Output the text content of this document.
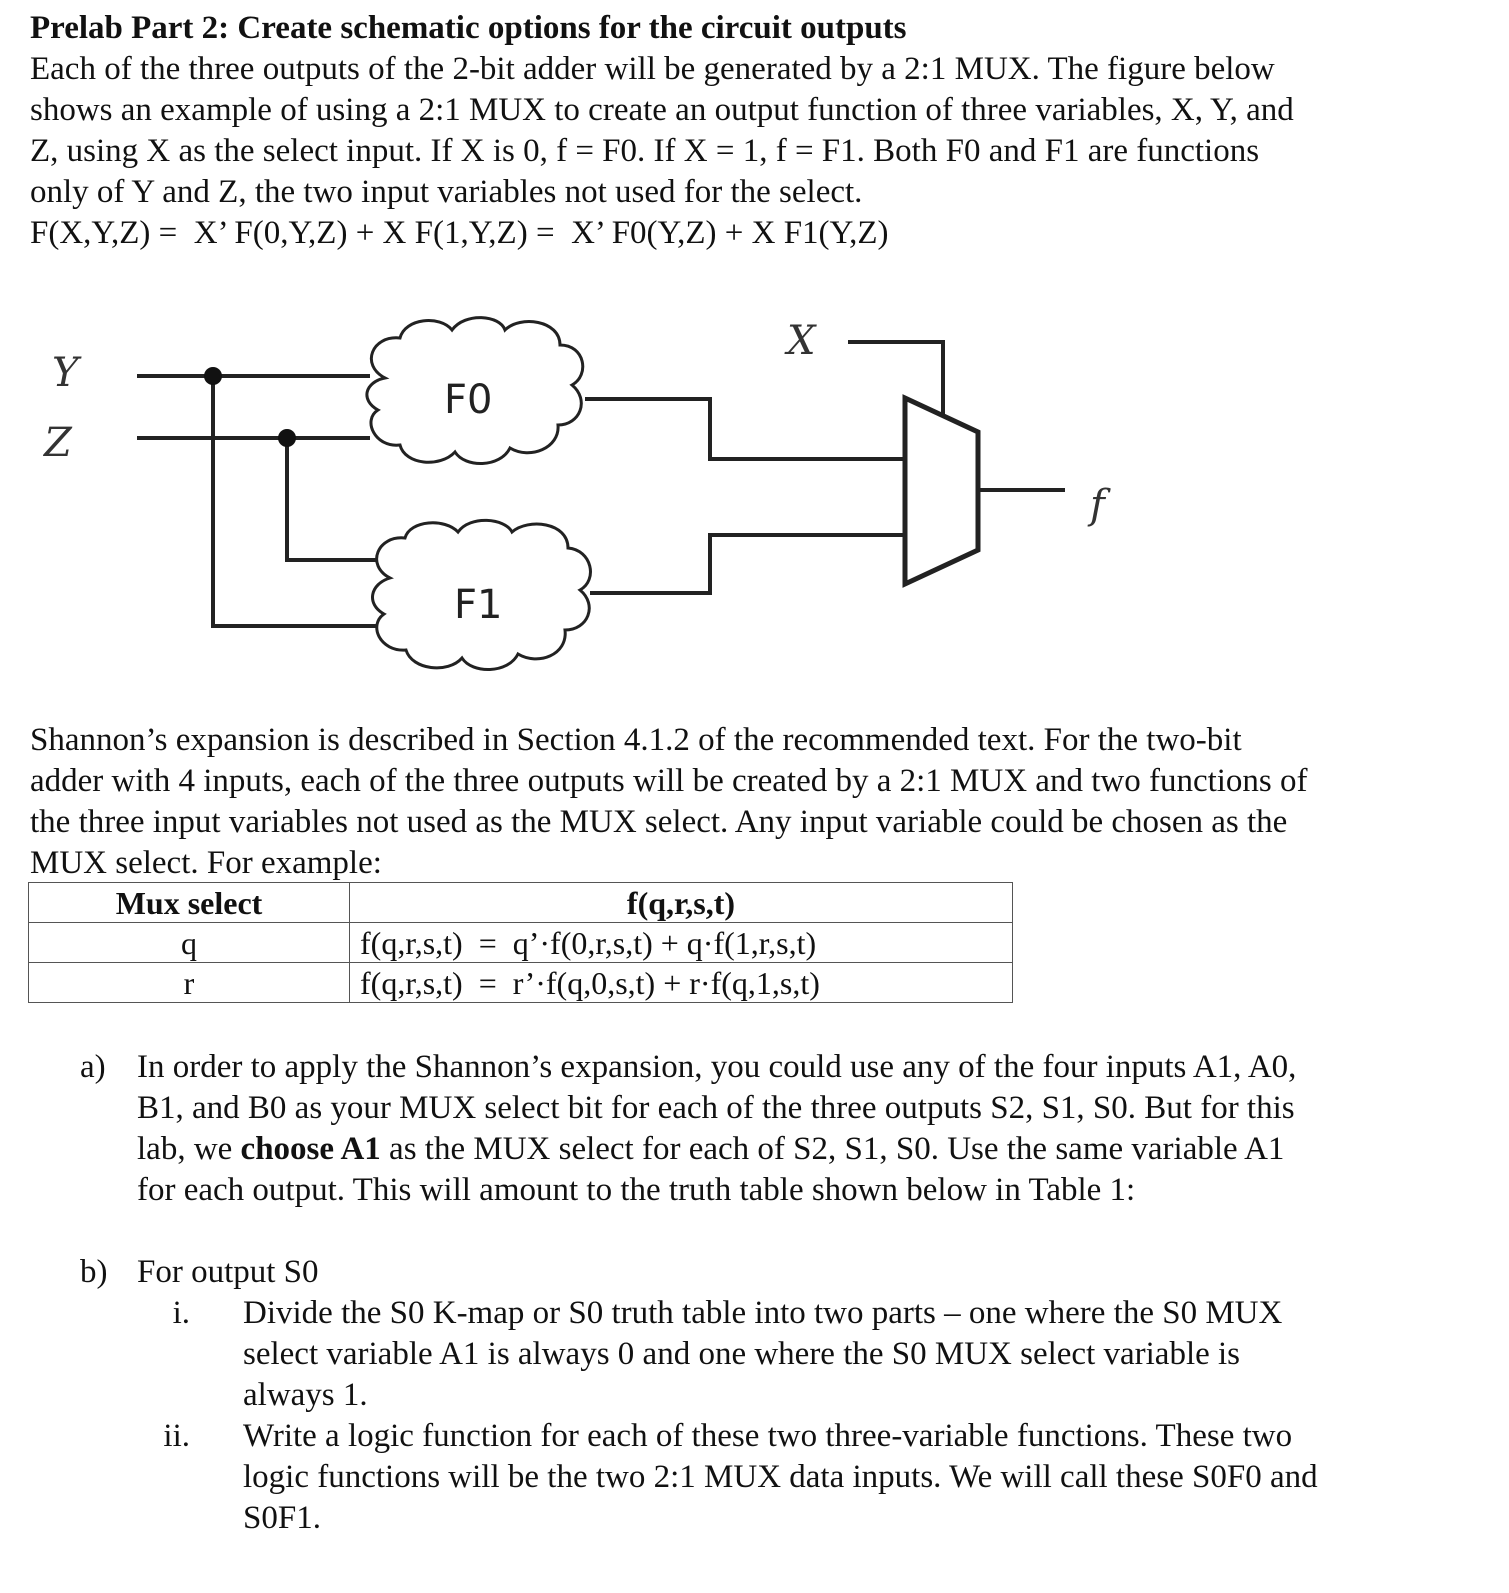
Prelab Part 2: Create schematic options for the circuit outputs
Each of the three outputs of the 2-bit adder will be generated by a 2:1 MUX. The figure below
shows an example of using a 2:1 MUX to create an output function of three variables, X, Y, and
Z, using X as the select input. If X is 0, f = F0. If X = 1, f = F1. Both F0 and F1 are functions
only of Y and Z, the two input variables not used for the select.
F(X,Y,Z) =  X’ F(0,Y,Z) + X F(1,Y,Z) =  X’ F0(Y,Z) + X F1(Y,Z)
Y
Z
F0
F1
X
f
Shannon’s expansion is described in Section 4.1.2 of the recommended text. For the two-bit
adder with 4 inputs, each of the three outputs will be created by a 2:1 MUX and two functions of
the three input variables not used as the MUX select. Any input variable could be chosen as the
MUX select. For example:
Mux select	f(q,r,s,t)
q	f(q,r,s,t)  =  q’·f(0,r,s,t) + q·f(1,r,s,t)
r	f(q,r,s,t)  =  r’·f(q,0,s,t) + r·f(q,1,s,t)
a) In order to apply the Shannon’s expansion, you could use any of the four inputs A1, A0,
B1, and B0 as your MUX select bit for each of the three outputs S2, S1, S0. But for this
lab, we choose A1 as the MUX select for each of S2, S1, S0. Use the same variable A1
for each output. This will amount to the truth table shown below in Table 1:
b) For output S0
i. Divide the S0 K-map or S0 truth table into two parts – one where the S0 MUX
select variable A1 is always 0 and one where the S0 MUX select variable is
always 1.
ii. Write a logic function for each of these two three-variable functions. These two
logic functions will be the two 2:1 MUX data inputs. We will call these S0F0 and
S0F1.
